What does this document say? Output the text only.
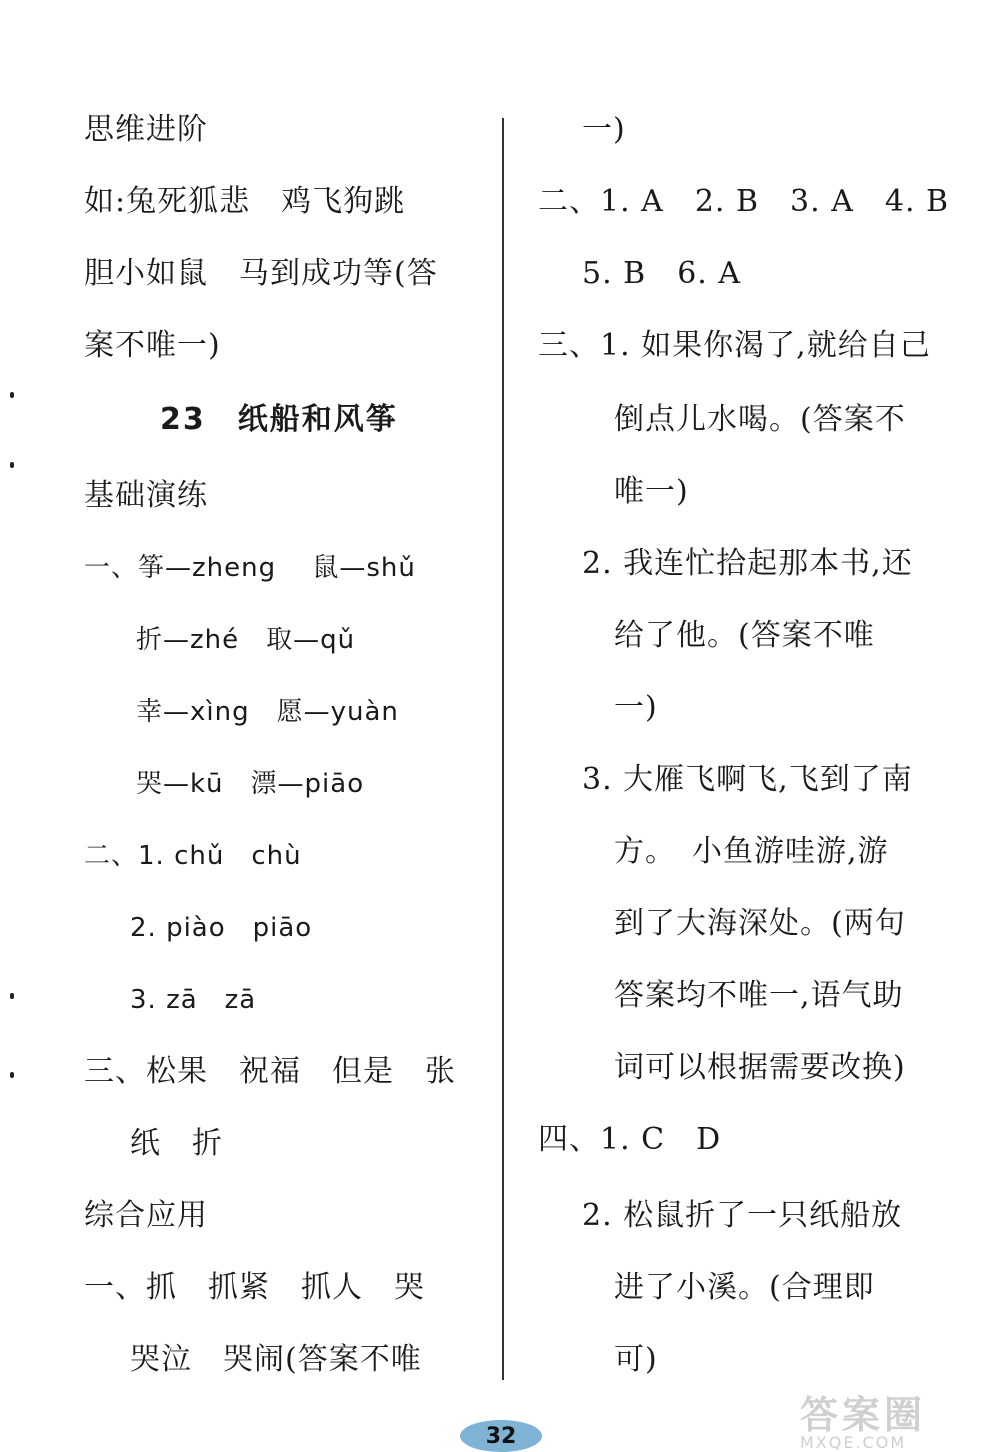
思维进阶
如:兔死狐悲　鸡飞狗跳
胆小如鼠　马到成功等(答
案不唯一)
23　纸船和风筝
基础演练
一、筝—zheng　 鼠—shǔ
折—zhé　取—qǔ
幸—xìng　愿—yuàn
哭—kū　漂—piāo
二、1. chǔ　chù
2. piào　piāo
3. zā　zā
三、松果　祝福　但是　张
纸　折
综合应用
一、抓　抓紧　抓人　哭
哭泣　哭闹(答案不唯
一)
二、1. A　2. B　3. A　4. B
5. B　6. A
三、1. 如果你渴了,就给自己
倒点儿水喝。(答案不
唯一)
2. 我连忙拾起那本书,还
给了他。(答案不唯
一)
3. 大雁飞啊飞,飞到了南
方。　小鱼游哇游,游
到了大海深处。(两句
答案均不唯一,语气助
词可以根据需要改换)
四、1. C　D
2. 松鼠折了一只纸船放
进了小溪。(合理即
可)
32	答案圈
MXQE.COM
